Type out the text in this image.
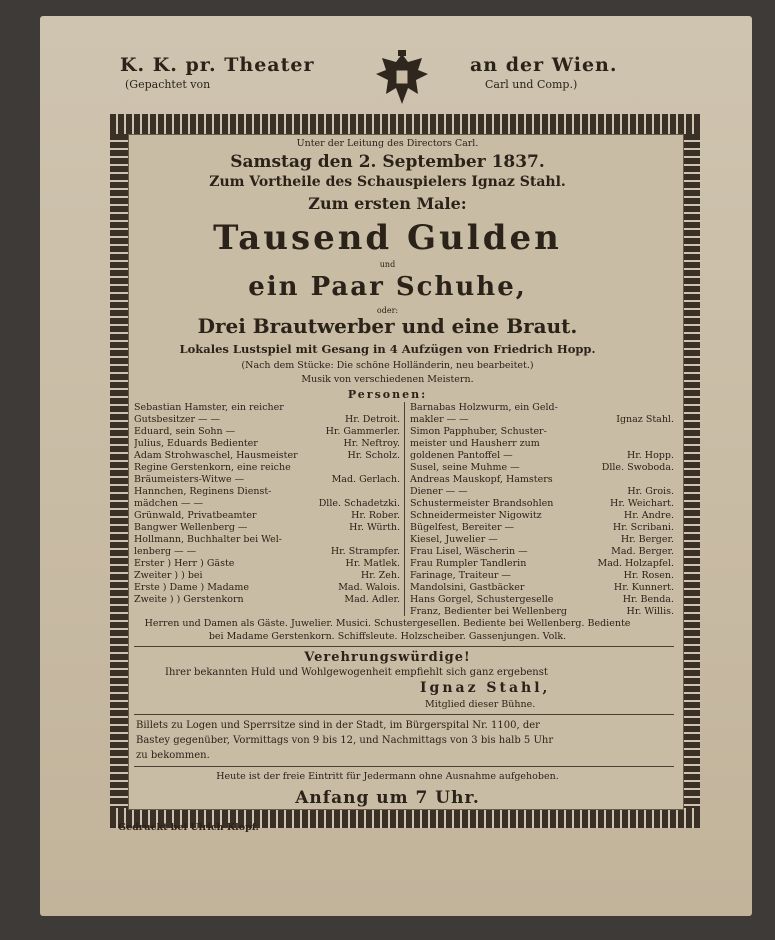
K. K. pr. Theater	an der Wien.
(Gepachtet von	Carl und Comp.)
Unter der Leitung des Directors Carl.
Samstag den 2. September 1837.
Zum Vortheile des Schauspielers Ignaz Stahl.
Zum ersten Male:
Tausend Gulden
und
ein Paar Schuhe,
oder:
Drei Brautwerber und eine Braut.
Lokales Lustspiel mit Gesang in 4 Aufzügen von Friedrich Hopp.
(Nach dem Stücke: Die schöne Holländerin, neu bearbeitet.)
Musik von verschiedenen Meistern.
Personen:
Sebastian Hamster, ein reicher
Gutsbesitzer — —	Hr. Detroit.
Eduard, sein Sohn —	Hr. Gammerler.
Julius, Eduards Bedienter	Hr. Neftroy.
Adam Strohwaschel, Hausmeister	Hr. Scholz.
Regine Gerstenkorn, eine reiche
Bräumeisters-Witwe —	Mad. Gerlach.
Hannchen, Reginens Dienst-
mädchen — —	Dlle. Schadetzki.
Grünwald, Privatbeamter	Hr. Rober.
Bangwer Wellenberg —	Hr. Würth.
Hollmann, Buchhalter bei Wel-
lenberg — —	Hr. Strampfer.
Erster ) Herr ) Gäste	Hr. Matlek.
Zweiter ) ) bei	Hr. Zeh.
Erste ) Dame ) Madame	Mad. Walois.
Zweite ) ) Gerstenkorn	Mad. Adler.
Barnabas Holzwurm, ein Geld-
makler — —	Ignaz Stahl.
Simon Papphuber, Schuster-
meister und Hausherr zum
goldenen Pantoffel —	Hr. Hopp.
Susel, seine Muhme —	Dlle. Swoboda.
Andreas Mauskopf, Hamsters
Diener — —	Hr. Grois.
Schustermeister Brandsohlen	Hr. Weichart.
Schneidermeister Nigowitz	Hr. Andre.
Bügelfest, Bereiter —	Hr. Scribani.
Kiesel, Juwelier —	Hr. Berger.
Frau Lisel, Wäscherin —	Mad. Berger.
Frau Rumpler Tandlerin	Mad. Holzapfel.
Farinage, Traiteur —	Hr. Rosen.
Mandolsini, Gastbäcker	Hr. Kunnert.
Hans Gorgel, Schustergeselle	Hr. Benda.
Franz, Bedienter bei Wellenberg	Hr. Willis.
Herren und Damen als Gäste. Juwelier. Musici. Schustergesellen. Bediente bei Wellenberg. Bediente
bei Madame Gerstenkorn. Schiffsleute. Holzscheiber. Gassenjungen. Volk.
Verehrungswürdige!
Ihrer bekannten Huld und Wohlgewogenheit empfiehlt sich ganz ergebenst
Ignaz Stahl,
Mitglied dieser Bühne.
Billets zu Logen und Sperrsitze sind in der Stadt, im Bürgerspital Nr. 1100, der
Bastey gegenüber, Vormittags von 9 bis 12, und Nachmittags von 3 bis halb 5 Uhr
zu bekommen.
Heute ist der freie Eintritt für Jedermann ohne Ausnahme aufgehoben.
Anfang um 7 Uhr.
Gedruckt bei Ulrich Klopf.
